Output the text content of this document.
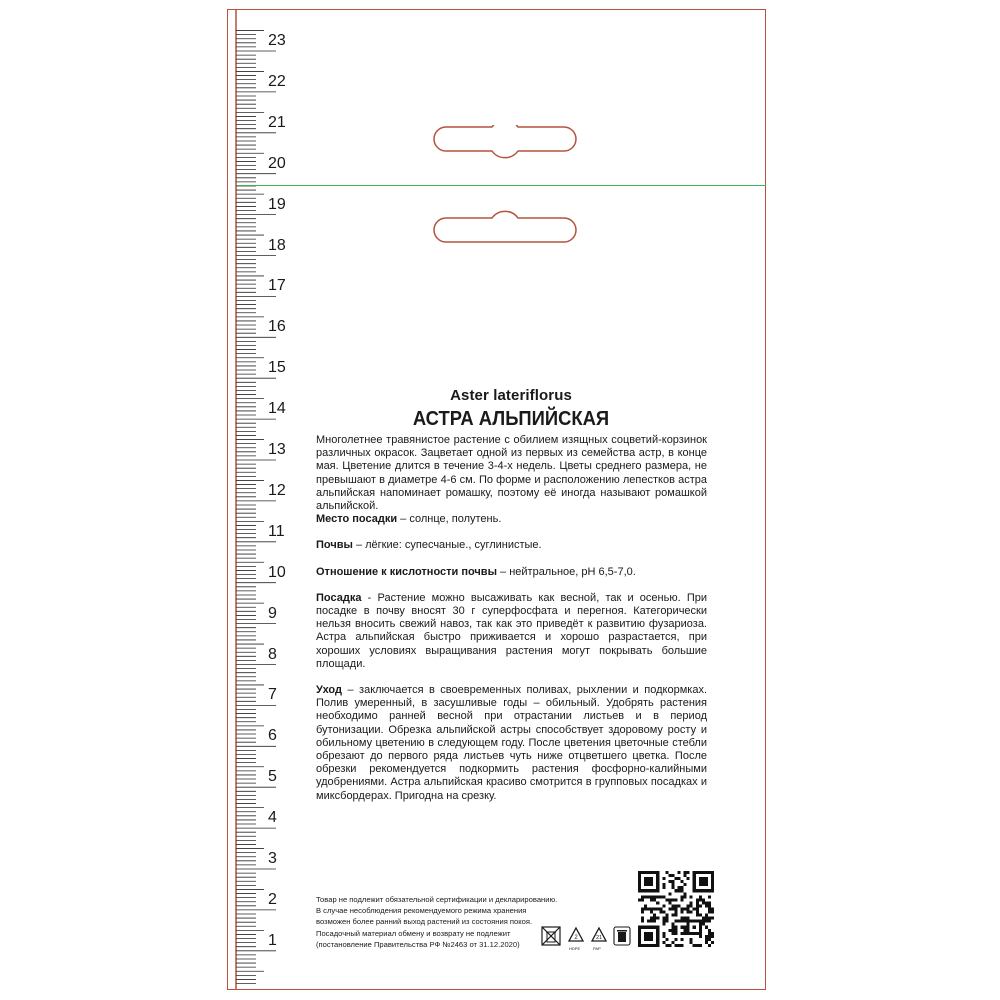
23
22
21
20
19
18
17
16
15
14
13
12
11
10
9
8
7
6
5
4
3
2
1
Aster lateriflorus
АСТРА АЛЬПИЙСКАЯ

Многолетнее травянистое растение с обилием изящных соцветий-корзинок различных окрасок. Зацветает одной из первых из семейства астр, в конце мая. Цветение длится в течение 3-4-х недель. Цветы среднего размера, не превышают в диаметре 4-6 см. По форме и расположению лепестков астра альпийская напоминает ромашку, поэтому её иногда называют ромашкой альпийской.

Место посадки – солнце, полутень.

Почвы – лёгкие: супесчаные., суглинистые.

Отношение к кислотности почвы – нейтральное, pH 6,5-7,0.

Посадка - Растение можно высаживать как весной, так и осенью. При посадке в почву вносят 30 г суперфосфата и перегноя. Категорически нельзя вносить свежий навоз, так как это приведёт к развитию фузариоза. Астра альпийская быстро приживается и хорошо разрастается, при хороших условиях выращивания растения могут покрывать большие площади.

Уход – заключается в своевременных поливах, рыхлении и подкормках. Полив умеренный, в засушливые годы – обильный. Удобрять растения необходимо ранней весной при отрастании листьев и в период бутонизации. Обрезка альпийской астры способствует здоровому росту и обильному цветению в следующем году. После цветения цветочные стебли обрезают до первого ряда листьев чуть ниже отцветшего цветка. После обрезки рекомендуется подкормить растения фосфорно-калийными удобрениями. Астра альпийская красиво смотрится в групповых посадках и миксбордерах. Пригодна на срезку.

Товар не подлежит обязательной сертификации и декларированию.
В случае несоблюдения рекомендуемого режима хранения
возможен более ранний выход растений из состояния покоя.
Посадочный материал обмену и возврату не подлежит
(постановление Правительства РФ №2463 от 31.12.2020)
2
HDPE
21
PAP
